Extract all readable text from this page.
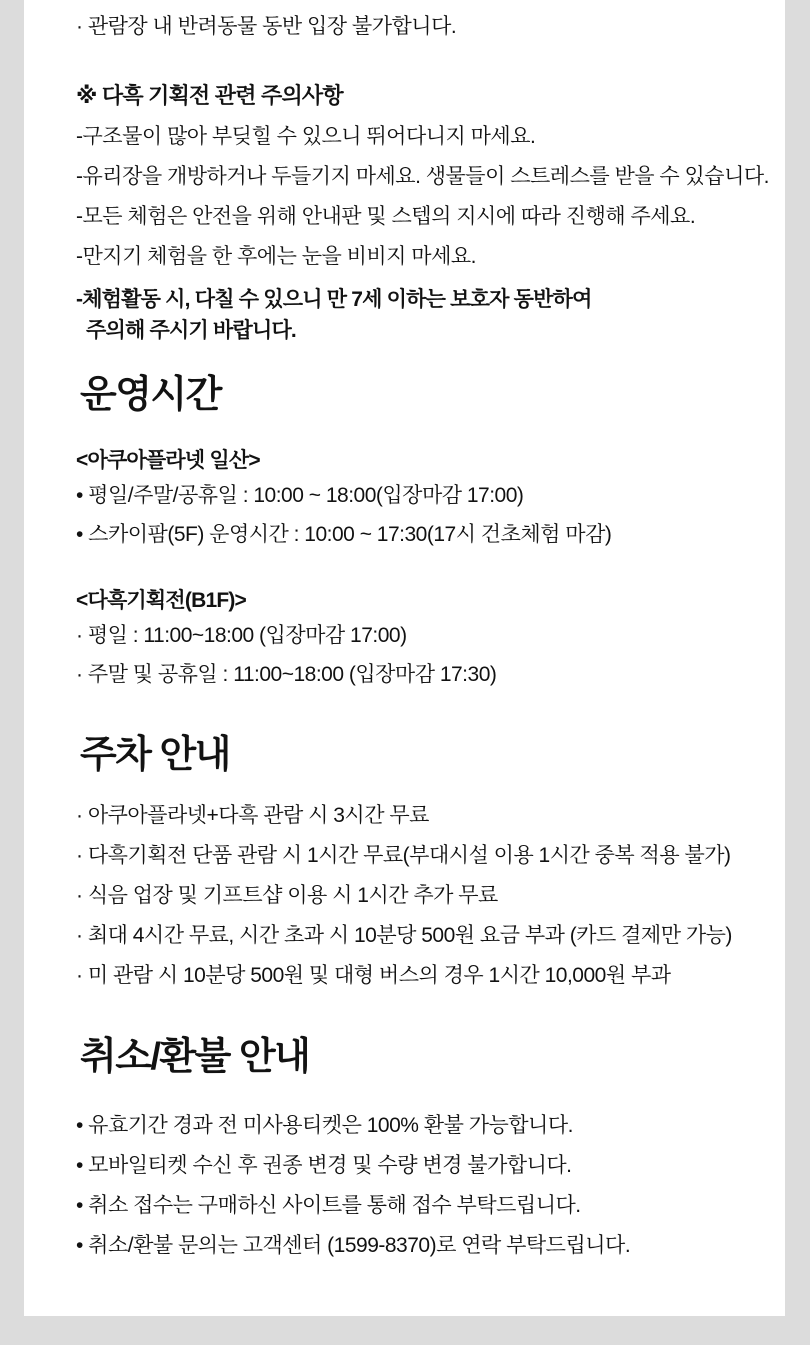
· 관람장 내 반려동물 동반 입장 불가합니다.
※ 다흑 기획전 관련 주의사항
-구조물이 많아 부딪힐 수 있으니 뛰어다니지 마세요.
-유리장을 개방하거나 두들기지 마세요. 생물들이 스트레스를 받을 수 있습니다.
-모든 체험은 안전을 위해 안내판 및 스텝의 지시에 따라 진행해 주세요.
-만지기 체험을 한 후에는 눈을 비비지 마세요.
-체험활동 시, 다칠 수 있으니 만 7세 이하는 보호자 동반하여
주의해 주시기 바랍니다.
운영시간
<아쿠아플라넷 일산>
• 평일/주말/공휴일 : 10:00 ~ 18:00(입장마감 17:00)
• 스카이팜(5F) 운영시간 : 10:00 ~ 17:30(17시 건초체험 마감)
<다흑기획전(B1F)>
· 평일 : 11:00~18:00 (입장마감 17:00)
· 주말 및 공휴일 : 11:00~18:00 (입장마감 17:30)
주차 안내
· 아쿠아플라넷+다흑 관람 시 3시간 무료
· 다흑기획전 단품 관람 시 1시간 무료(부대시설 이용 1시간 중복 적용 불가)
· 식음 업장 및 기프트샵 이용 시 1시간 추가 무료
· 최대 4시간 무료, 시간 초과 시 10분당 500원 요금 부과 (카드 결제만 가능)
· 미 관람 시 10분당 500원 및 대형 버스의 경우 1시간 10,000원 부과
취소/환불 안내
• 유효기간 경과 전 미사용티켓은 100% 환불 가능합니다.
• 모바일티켓 수신 후 권종 변경 및 수량 변경 불가합니다.
• 취소 접수는 구매하신 사이트를 통해 접수 부탁드립니다.
• 취소/환불 문의는 고객센터 (1599-8370)로 연락 부탁드립니다.
